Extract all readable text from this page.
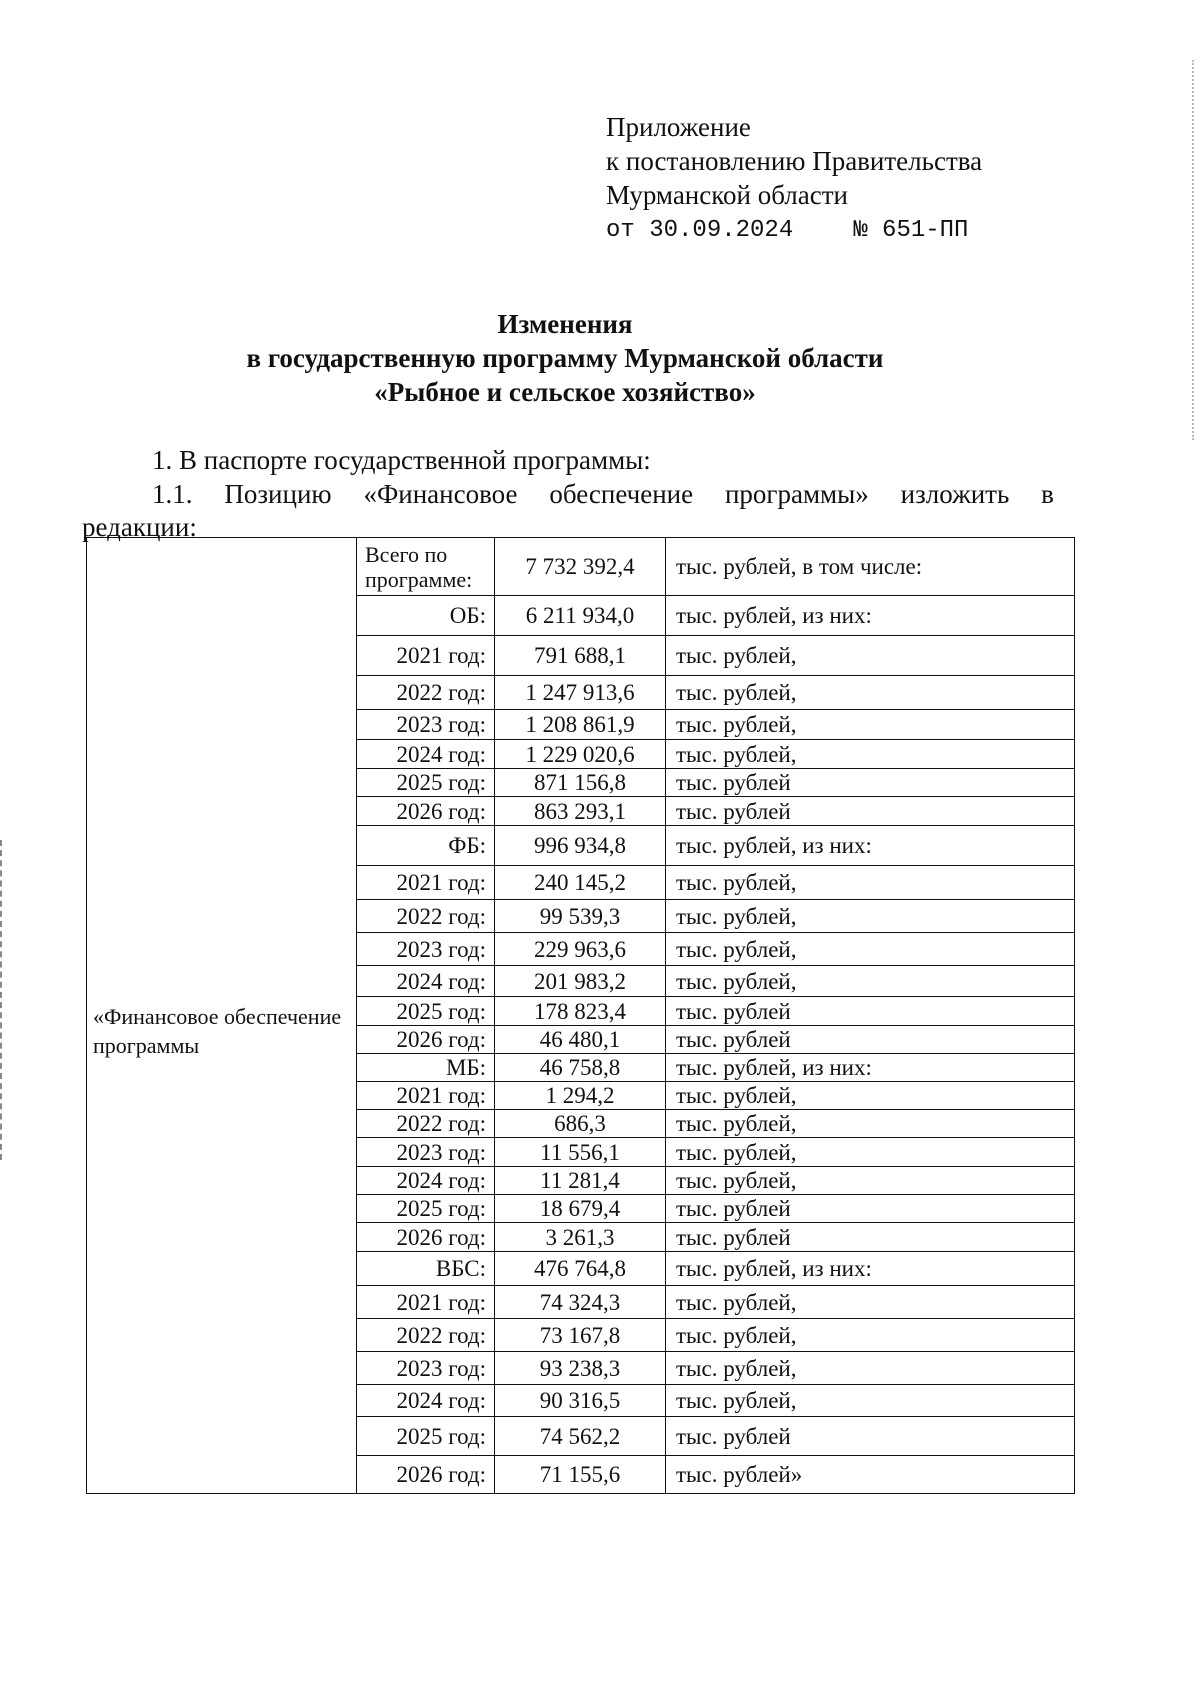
Приложение
к постановлению Правительства
Мурманской области
от 30.09.2024	№ 651-ПП
Изменения
в государственную программу Мурманской области
«Рыбное и сельское хозяйство»
1. В паспорте государственной программы:
1.1. Позицию «Финансовое обеспечение программы» изложить в
редакции:
«Финансовое обеспечение программы	Всего по программе:	7 732 392,4	тыс. рублей, в том числе:
	ОБ:	6 211 934,0	тыс. рублей, из них:
	2021 год:	791 688,1	тыс. рублей,
	2022 год:	1 247 913,6	тыс. рублей,
	2023 год:	1 208 861,9	тыс. рублей,
	2024 год:	1 229 020,6	тыс. рублей,
	2025 год:	871 156,8	тыс. рублей
	2026 год:	863 293,1	тыс. рублей
	ФБ:	996 934,8	тыс. рублей, из них:
	2021 год:	240 145,2	тыс. рублей,
	2022 год:	99 539,3	тыс. рублей,
	2023 год:	229 963,6	тыс. рублей,
	2024 год:	201 983,2	тыс. рублей,
	2025 год:	178 823,4	тыс. рублей
	2026 год:	46 480,1	тыс. рублей
	МБ:	46 758,8	тыс. рублей, из них:
	2021 год:	1 294,2	тыс. рублей,
	2022 год:	686,3	тыс. рублей,
	2023 год:	11 556,1	тыс. рублей,
	2024 год:	11 281,4	тыс. рублей,
	2025 год:	18 679,4	тыс. рублей
	2026 год:	3 261,3	тыс. рублей
	ВБС:	476 764,8	тыс. рублей, из них:
	2021 год:	74 324,3	тыс. рублей,
	2022 год:	73 167,8	тыс. рублей,
	2023 год:	93 238,3	тыс. рублей,
	2024 год:	90 316,5	тыс. рублей,
	2025 год:	74 562,2	тыс. рублей
	2026 год:	71 155,6	тыс. рублей»
